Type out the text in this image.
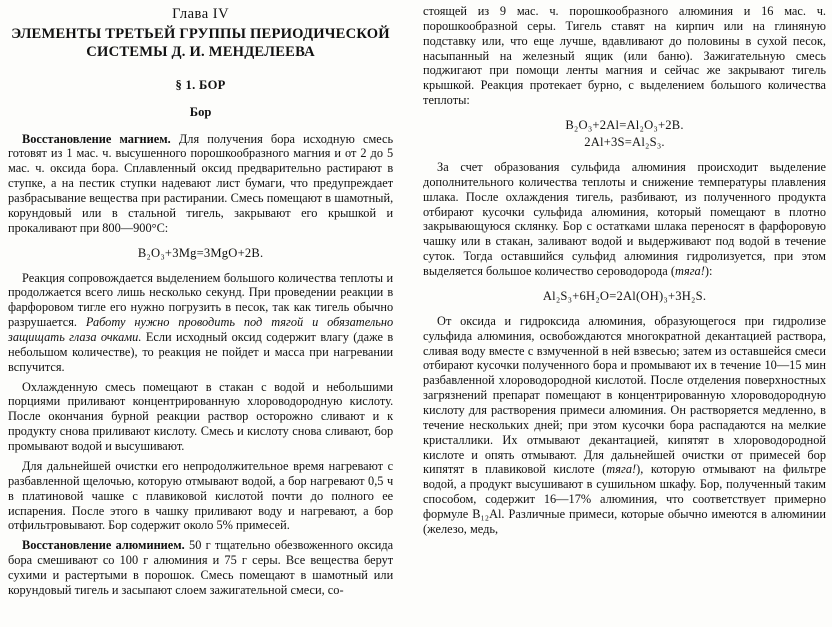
Глава IV
ЭЛЕМЕНТЫ ТРЕТЬЕЙ ГРУППЫ ПЕРИОДИЧЕСКОЙ СИСТЕМЫ Д. И. МЕНДЕЛЕЕВА
§ 1. БОР
Бор

Восстановление магнием. Для получения бора исходную смесь готовят из 1 мас. ч. высушенного порошкообразного магния и от 2 до 5 мас. ч. оксида бора. Сплавленный оксид предварительно растирают в ступке, а на пестик ступки надевают лист бумаги, что предупреждает разбрасывание вещества при растирании. Смесь помещают в шамотный, корундовый или в стальной тигель, закрывают его крышкой и прокаливают при 800—900°C:

B₂O₃+3Mg=3MgO+2B.

Реакция сопровождается выделением большого количества теплоты и продолжается всего лишь несколько секунд. При проведении реакции в фарфоровом тигле его нужно погрузить в песок, так как тигель обычно разрушается. Работу нужно проводить под тягой и обязательно защищать глаза очками. Если исходный оксид содержит влагу (даже в небольшом количестве), то реакция не пойдет и масса при нагревании вспучится.

Охлажденную смесь помещают в стакан с водой и небольшими порциями приливают концентрированную хлороводородную кислоту. После окончания бурной реакции раствор осторожно сливают и к продукту снова приливают кислоту. Смесь и кислоту снова сливают, бор промывают водой и высушивают.

Для дальнейшей очистки его непродолжительное время нагревают с разбавленной щелочью, которую отмывают водой, а бор нагревают 0,5 ч в платиновой чашке с плавиковой кислотой почти до полного ее испарения. После этого в чашку приливают воду и нагревают, а бор отфильтровывают. Бор содержит около 5% примесей.

Восстановление алюминием. 50 г тщательно обезвоженного оксида бора смешивают со 100 г алюминия и 75 г серы. Все вещества берут сухими и растертыми в порошок. Смесь помещают в шамотный или корундовый тигель и засыпают слоем зажигательной смеси, со-

стоящей из 9 мас. ч. порошкообразного алюминия и 16 мас. ч. порошкообразной серы. Тигель ставят на кирпич или на глиняную подставку или, что еще лучше, вдавливают до половины в сухой песок, насыпанный на железный ящик (или баню). Зажигательную смесь поджигают при помощи ленты магния и сейчас же закрывают тигель крышкой. Реакция протекает бурно, с выделением большого количества теплоты:

B₂O₃+2Al=Al₂O₃+2B.
2Al+3S=Al₂S₃.

За счет образования сульфида алюминия происходит выделение дополнительного количества теплоты и снижение температуры плавления шлака. После охлаждения тигель, разбивают, из полученного продукта отбирают кусочки сульфида алюминия, который помещают в плотно закрывающуюся склянку. Бор с остатками шлака переносят в фарфоровую чашку или в стакан, заливают водой и выдерживают под водой в течение суток. Тогда оставшийся сульфид алюминия гидролизуется, при этом выделяется большое количество сероводорода (тяга!):

Al₂S₃+6H₂O=2Al(OH)₃+3H₂S.

От оксида и гидроксида алюминия, образующегося при гидролизе сульфида алюминия, освобождаются многократной декантацией раствора, сливая воду вместе с взмученной в ней взвесью; затем из оставшейся смеси отбирают кусочки полученного бора и промывают их в течение 10—15 мин разбавленной хлороводородной кислотой. После отделения поверхностных загрязнений препарат помещают в концентрированную хлороводородную кислоту для растворения примеси алюминия. Он растворяется медленно, в течение нескольких дней; при этом кусочки бора распадаются на мелкие кристаллики. Их отмывают декантацией, кипятят в хлороводородной кислоте и опять отмывают. Для дальнейшей очистки от примесей бор кипятят в плавиковой кислоте (тяга!), которую отмывают на фильтре водой, а продукт высушивают в сушильном шкафу. Бор, полученный таким способом, содержит 16—17% алюминия, что соответствует примерно формуле B₁₂Al. Различные примеси, которые обычно имеются в алюминии (железо, медь,
